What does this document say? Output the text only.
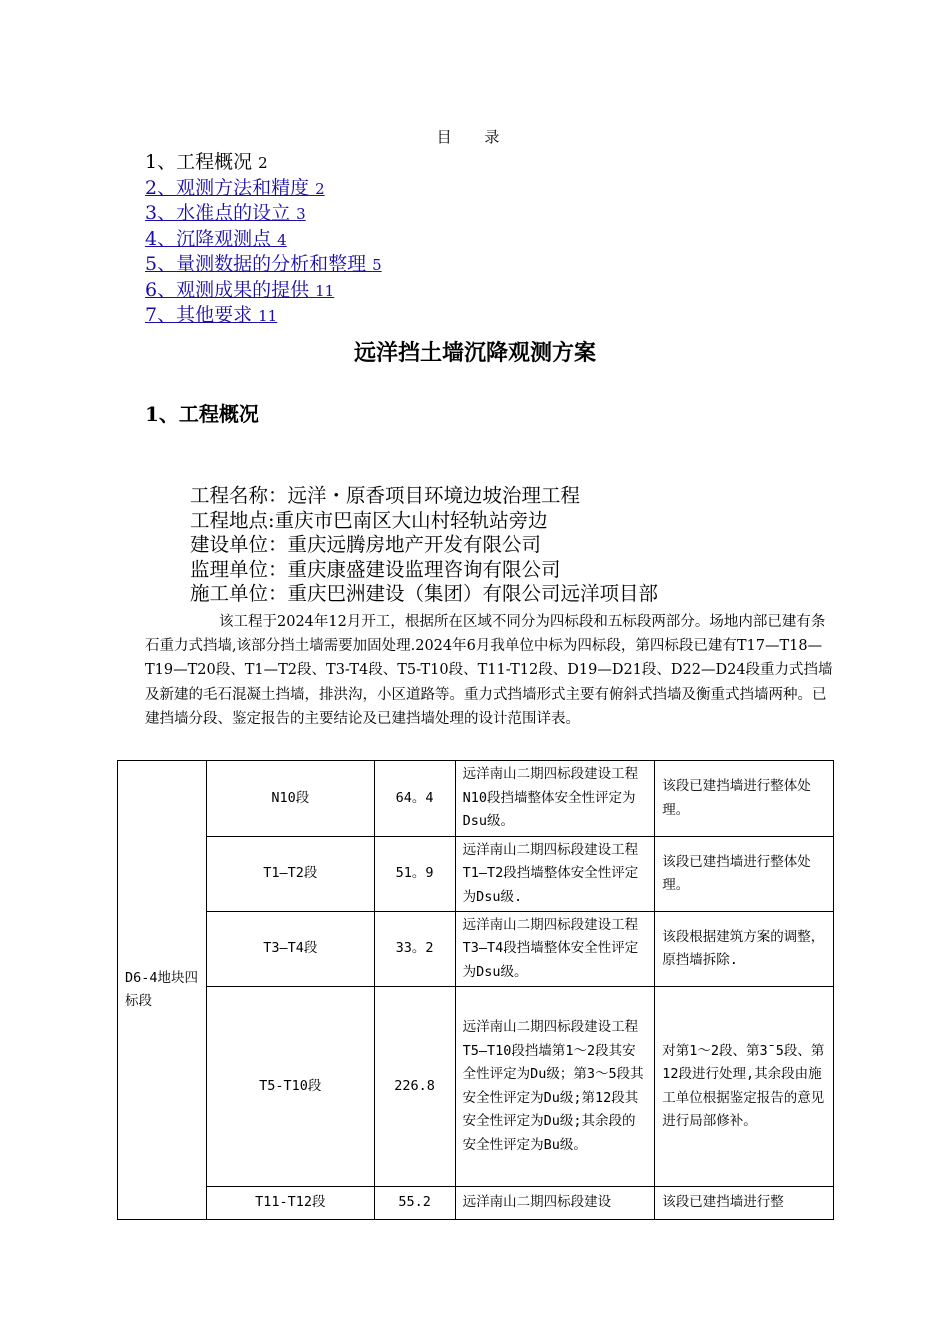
目 录
1、工程概况 2
2、观测方法和精度 2
3、水准点的设立 3
4、沉降观测点 4
5、量测数据的分析和整理 5
6、观测成果的提供 11
7、其他要求 11
远洋挡土墙沉降观测方案
1、工程概况
工程名称：远洋・原香项目环境边坡治理工程
工程地点:重庆市巴南区大山村轻轨站旁边
建设单位：重庆远腾房地产开发有限公司
监理单位：重庆康盛建设监理咨询有限公司
施工单位：重庆巴洲建设（集团）有限公司远洋项目部
该工程于2024年12月开工，根据所在区域不同分为四标段和五标段两部分。场地内部已建有条石重力式挡墙,该部分挡土墙需要加固处理.2024年6月我单位中标为四标段，第四标段已建有T17—T18—T19—T20段、T1—T2段、T3-T4段、T5-T10段、T11-T12段、D19—D21段、D22—D24段重力式挡墙及新建的毛石混凝土挡墙，排洪沟，小区道路等。重力式挡墙形式主要有俯斜式挡墙及衡重式挡墙两种。已建挡墙分段、鉴定报告的主要结论及已建挡墙处理的设计范围详表。
D6-4地块四标段	N10段	64。4	远洋南山二期四标段建设工程N10段挡墙整体安全性评定为Dsu级。	该段已建挡墙进行整体处理。
	T1—T2段	51。9	远洋南山二期四标段建设工程T1—T2段挡墙整体安全性评定为Dsu级.	该段已建挡墙进行整体处理。
	T3—T4段	33。2	远洋南山二期四标段建设工程T3—T4段挡墙整体安全性评定为Dsu级。	该段根据建筑方案的调整，原挡墙拆除.
	T5-T10段	226.8	远洋南山二期四标段建设工程T5—T10段挡墙第1～2段其安全性评定为Du级；第3～5段其安全性评定为Du级;第12段其安全性评定为Du级;其余段的安全性评定为Bu级。	对第1～2段、第3¯5段、第12段进行处理,其余段由施工单位根据鉴定报告的意见进行局部修补。
	T11-T12段	55.2	远洋南山二期四标段建设	该段已建挡墙进行整
